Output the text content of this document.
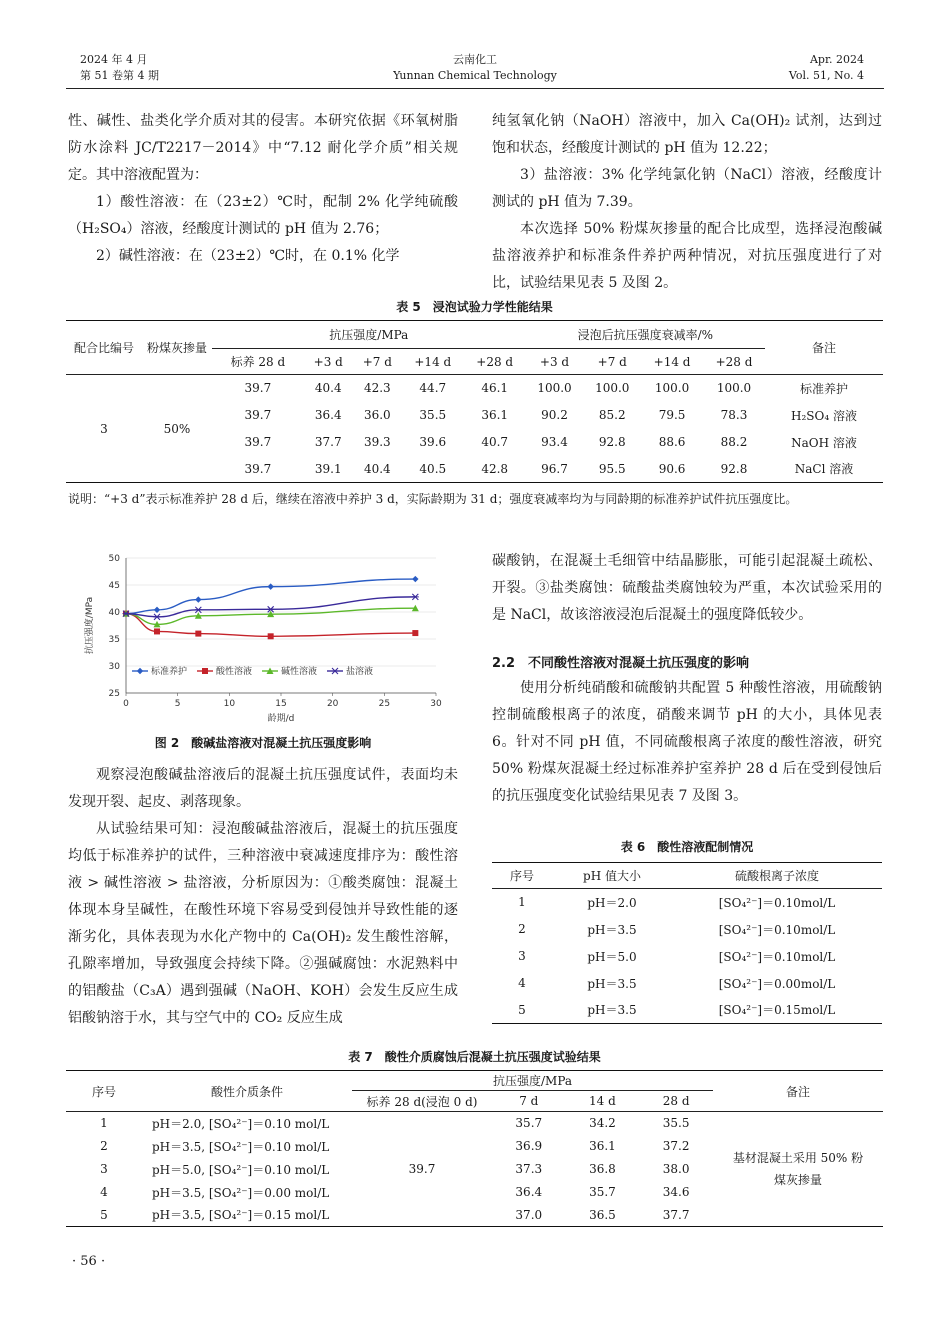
2024 年 4 月
第 51 卷第 4 期
云南化工
Yunnan Chemical Technology
Apr. 2024
Vol. 51, No. 4
性、碱性、盐类化学介质对其的侵害。本研究依据《环氧树脂防水涂料 JC/T2217－2014》中“7.12 耐化学介质”相关规定。其中溶液配置为：
1）酸性溶液：在（23±2）℃时，配制 2% 化学纯硫酸（H₂SO₄）溶液，经酸度计测试的 pH 值为 2.76；
2）碱性溶液：在（23±2）℃时，在 0.1% 化学
纯氢氧化钠（NaOH）溶液中，加入 Ca(OH)₂ 试剂，达到过饱和状态，经酸度计测试的 pH 值为 12.22；
3）盐溶液：3% 化学纯氯化钠（NaCl）溶液，经酸度计测试的 pH 值为 7.39。
本次选择 50% 粉煤灰掺量的配合比成型，选择浸泡酸碱盐溶液养护和标准条件养护两种情况，对抗压强度进行了对比，试验结果见表 5 及图 2。
表 5　浸泡试验力学性能结果
配合比编号	粉煤灰掺量	抗压强度/MPa					浸泡后抗压强度衰减率/%				备注
		标养 28 d	+3 d	+7 d	+14 d	+28 d	+3 d	+7 d	+14 d	+28 d	
3	50%	39.7	40.4	42.3	44.7	46.1	100.0	100.0	100.0	100.0	标准养护
		39.7	36.4	36.0	35.5	36.1	90.2	85.2	79.5	78.3	H₂SO₄ 溶液
		39.7	37.7	39.3	39.6	40.7	93.4	92.8	88.6	88.2	NaOH 溶液
		39.7	39.1	40.4	40.5	42.8	96.7	95.5	90.6	92.8	NaCl 溶液

说明：“+3 d”表示标准养护 28 d 后，继续在溶液中养护 3 d，实际龄期为 31 d；强度衰减率均为与同龄期的标准养护试件抗压强度比。

25
30
35
40
45
50
0	5	10	15	20	25	30
龄期/d
抗压强度/MPa
标准养护	酸性溶液	碱性溶液	盐溶液
图 2　酸碱盐溶液对混凝土抗压强度影响
观察浸泡酸碱盐溶液后的混凝土抗压强度试件，表面均未发现开裂、起皮、剥落现象。
从试验结果可知：浸泡酸碱盐溶液后，混凝土的抗压强度均低于标准养护的试件，三种溶液中衰减速度排序为：酸性溶液 > 碱性溶液 > 盐溶液，分析原因为：①酸类腐蚀：混凝土体现本身呈碱性，在酸性环境下容易受到侵蚀并导致性能的逐渐劣化，具体表现为水化产物中的 Ca(OH)₂ 发生酸性溶解，孔隙率增加，导致强度会持续下降。②强碱腐蚀：水泥熟料中的铝酸盐（C₃A）遇到强碱（NaOH、KOH）会发生反应生成铝酸钠溶于水，其与空气中的 CO₂ 反应生成
碳酸钠，在混凝土毛细管中结晶膨胀，可能引起混凝土疏松、开裂。③盐类腐蚀：硫酸盐类腐蚀较为严重，本次试验采用的是 NaCl，故该溶液浸泡后混凝土的强度降低较少。
2.2　不同酸性溶液对混凝土抗压强度的影响
使用分析纯硝酸和硫酸钠共配置 5 种酸性溶液，用硫酸钠控制硫酸根离子的浓度，硝酸来调节 pH 的大小，具体见表 6。针对不同 pH 值，不同硫酸根离子浓度的酸性溶液，研究 50% 粉煤灰混凝土经过标准养护室养护 28 d 后在受到侵蚀后的抗压强度变化试验结果见表 7 及图 3。
表 6　酸性溶液配制情况
序号	pH 值大小	硫酸根离子浓度
1	pH＝2.0	[SO₄²⁻]＝0.10mol/L
2	pH＝3.5	[SO₄²⁻]＝0.10mol/L
3	pH＝5.0	[SO₄²⁻]＝0.10mol/L
4	pH＝3.5	[SO₄²⁻]＝0.00mol/L
5	pH＝3.5	[SO₄²⁻]＝0.15mol/L
表 7　酸性介质腐蚀后混凝土抗压强度试验结果
序号	酸性介质条件	抗压强度/MPa				备注
		标养 28 d(浸泡 0 d)	7 d	14 d	28 d	
1	pH＝2.0, [SO₄²⁻]＝0.10 mol/L	39.7	35.7	34.2	35.5	基材混凝土采用 50% 粉煤灰掺量
2	pH＝3.5, [SO₄²⁻]＝0.10 mol/L		36.9	36.1	37.2	
3	pH＝5.0, [SO₄²⁻]＝0.10 mol/L		37.3	36.8	38.0	
4	pH＝3.5, [SO₄²⁻]＝0.00 mol/L		36.4	35.7	34.6	
5	pH＝3.5, [SO₄²⁻]＝0.15 mol/L		37.0	36.5	37.7	
· 56 ·
